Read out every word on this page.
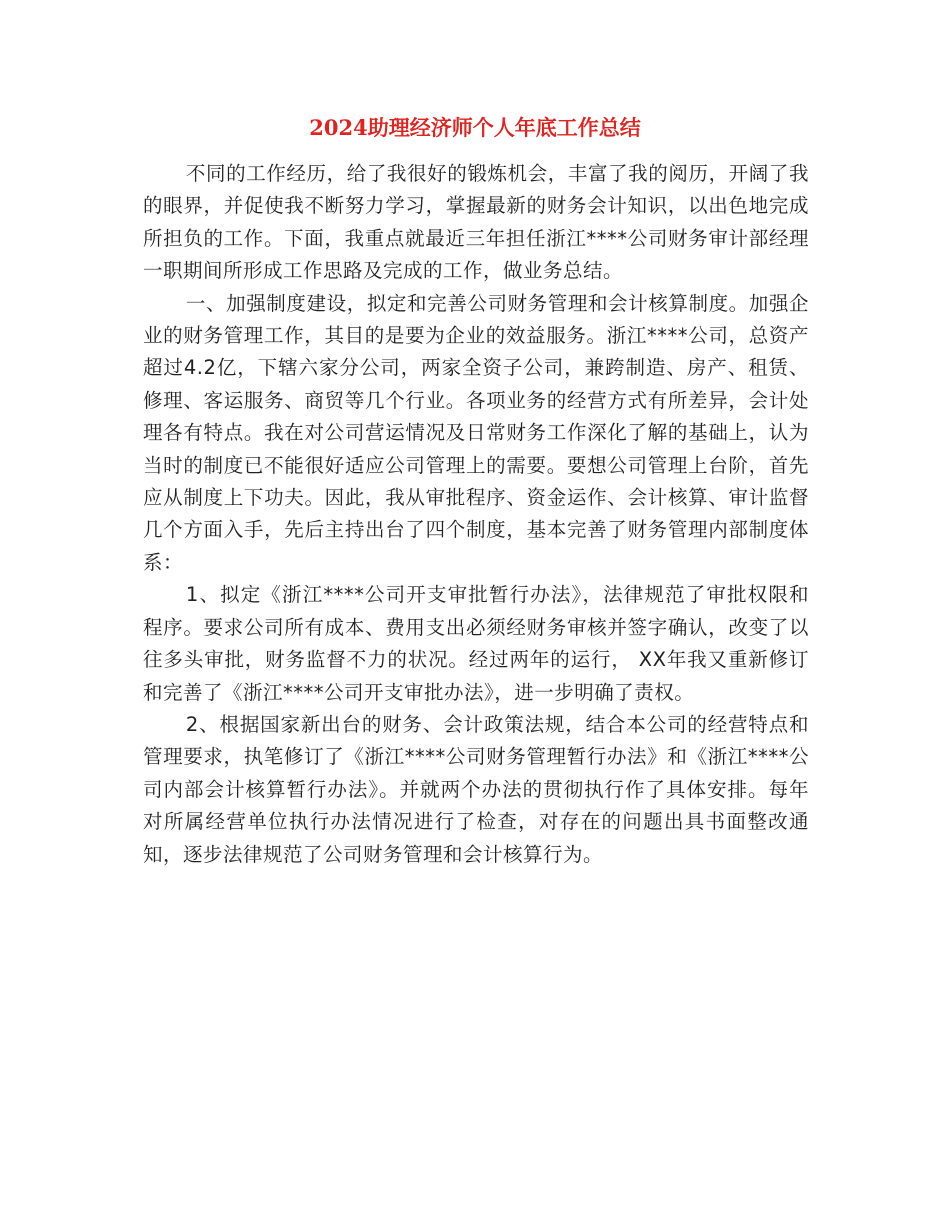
2024助理经济师个人年底工作总结

不同的工作经历，给了我很好的锻炼机会，丰富了我的阅历，开阔了我的眼界，并促使我不断努力学习，掌握最新的财务会计知识，以出色地完成所担负的工作。下面，我重点就最近三年担任浙江****公司财务审计部经理一职期间所形成工作思路及完成的工作，做业务总结。

一、加强制度建设，拟定和完善公司财务管理和会计核算制度。加强企业的财务管理工作，其目的是要为企业的效益服务。浙江****公司，总资产超过4.2亿，下辖六家分公司，两家全资子公司，兼跨制造、房产、租赁、修理、客运服务、商贸等几个行业。各项业务的经营方式有所差异，会计处理各有特点。我在对公司营运情况及日常财务工作深化了解的基础上，认为当时的制度已不能很好适应公司管理上的需要。要想公司管理上台阶，首先应从制度上下功夫。因此，我从审批程序、资金运作、会计核算、审计监督几个方面入手，先后主持出台了四个制度，基本完善了财务管理内部制度体系：

1、拟定《浙江****公司开支审批暂行办法》，法律规范了审批权限和程序。要求公司所有成本、费用支出必须经财务审核并签字确认，改变了以往多头审批，财务监督不力的状况。经过两年的运行， XX年我又重新修订和完善了《浙江****公司开支审批办法》，进一步明确了责权。

2、根据国家新出台的财务、会计政策法规，结合本公司的经营特点和管理要求，执笔修订了《浙江****公司财务管理暂行办法》和《浙江****公司内部会计核算暂行办法》。并就两个办法的贯彻执行作了具体安排。每年对所属经营单位执行办法情况进行了检查，对存在的问题出具书面整改通知，逐步法律规范了公司财务管理和会计核算行为。
